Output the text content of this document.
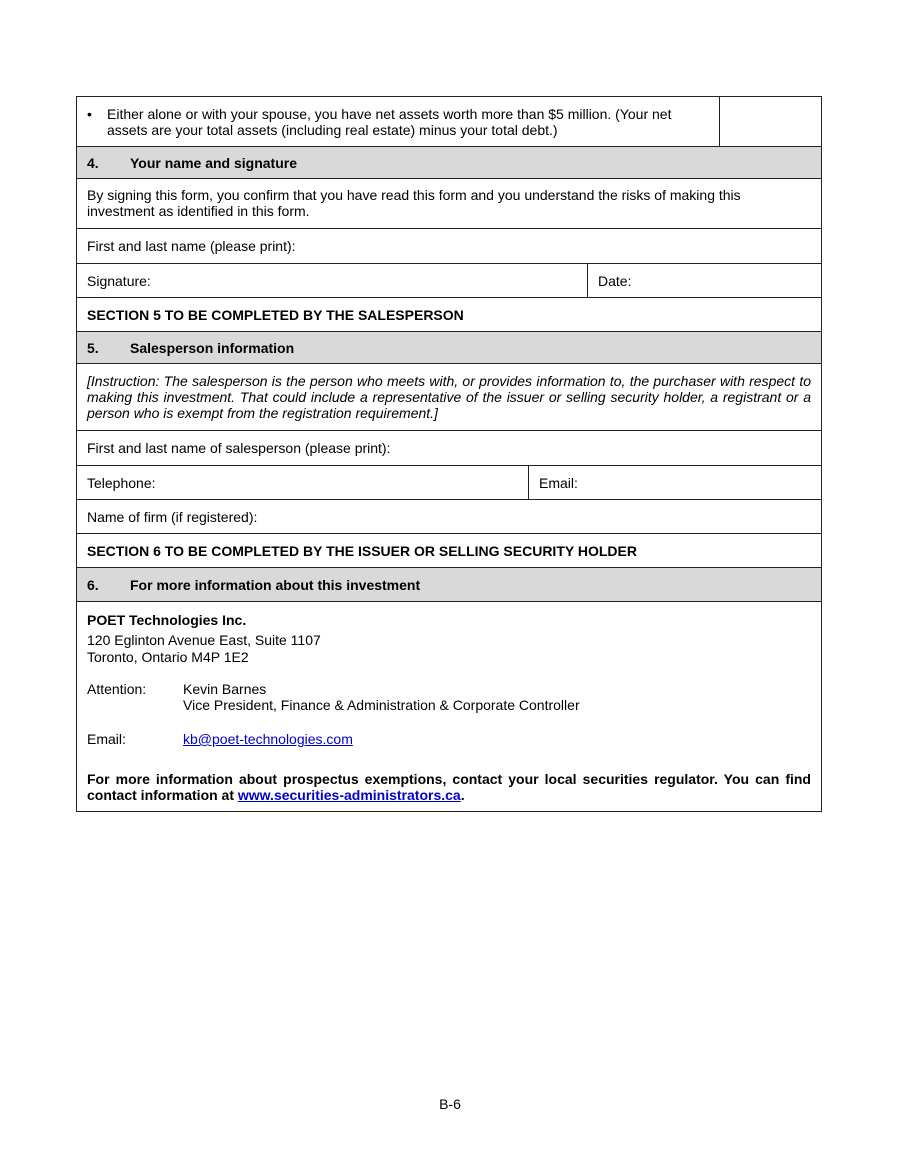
•	Either alone or with your spouse, you have net assets worth more than $5 million. (Your net assets are your total assets (including real estate) minus your total debt.)
4.	Your name and signature
By signing this form, you confirm that you have read this form and you understand the risks of making this investment as identified in this form.
First and last name (please print):
Signature:	Date:
SECTION 5 TO BE COMPLETED BY THE SALESPERSON
5.	Salesperson information
[Instruction: The salesperson is the person who meets with, or provides information to, the purchaser with respect to making this investment. That could include a representative of the issuer or selling security holder, a registrant or a person who is exempt from the registration requirement.]
First and last name of salesperson (please print):
Telephone:	Email:
Name of firm (if registered):
SECTION 6 TO BE COMPLETED BY THE ISSUER OR SELLING SECURITY HOLDER
6.	For more information about this investment
POET Technologies Inc.
120 Eglinton Avenue East, Suite 1107
Toronto, Ontario M4P 1E2
Attention:	Kevin Barnes
Vice President, Finance & Administration & Corporate Controller
Email:	kb@poet-technologies.com
For more information about prospectus exemptions, contact your local securities regulator. You can find contact information at www.securities-administrators.ca.
B-6
